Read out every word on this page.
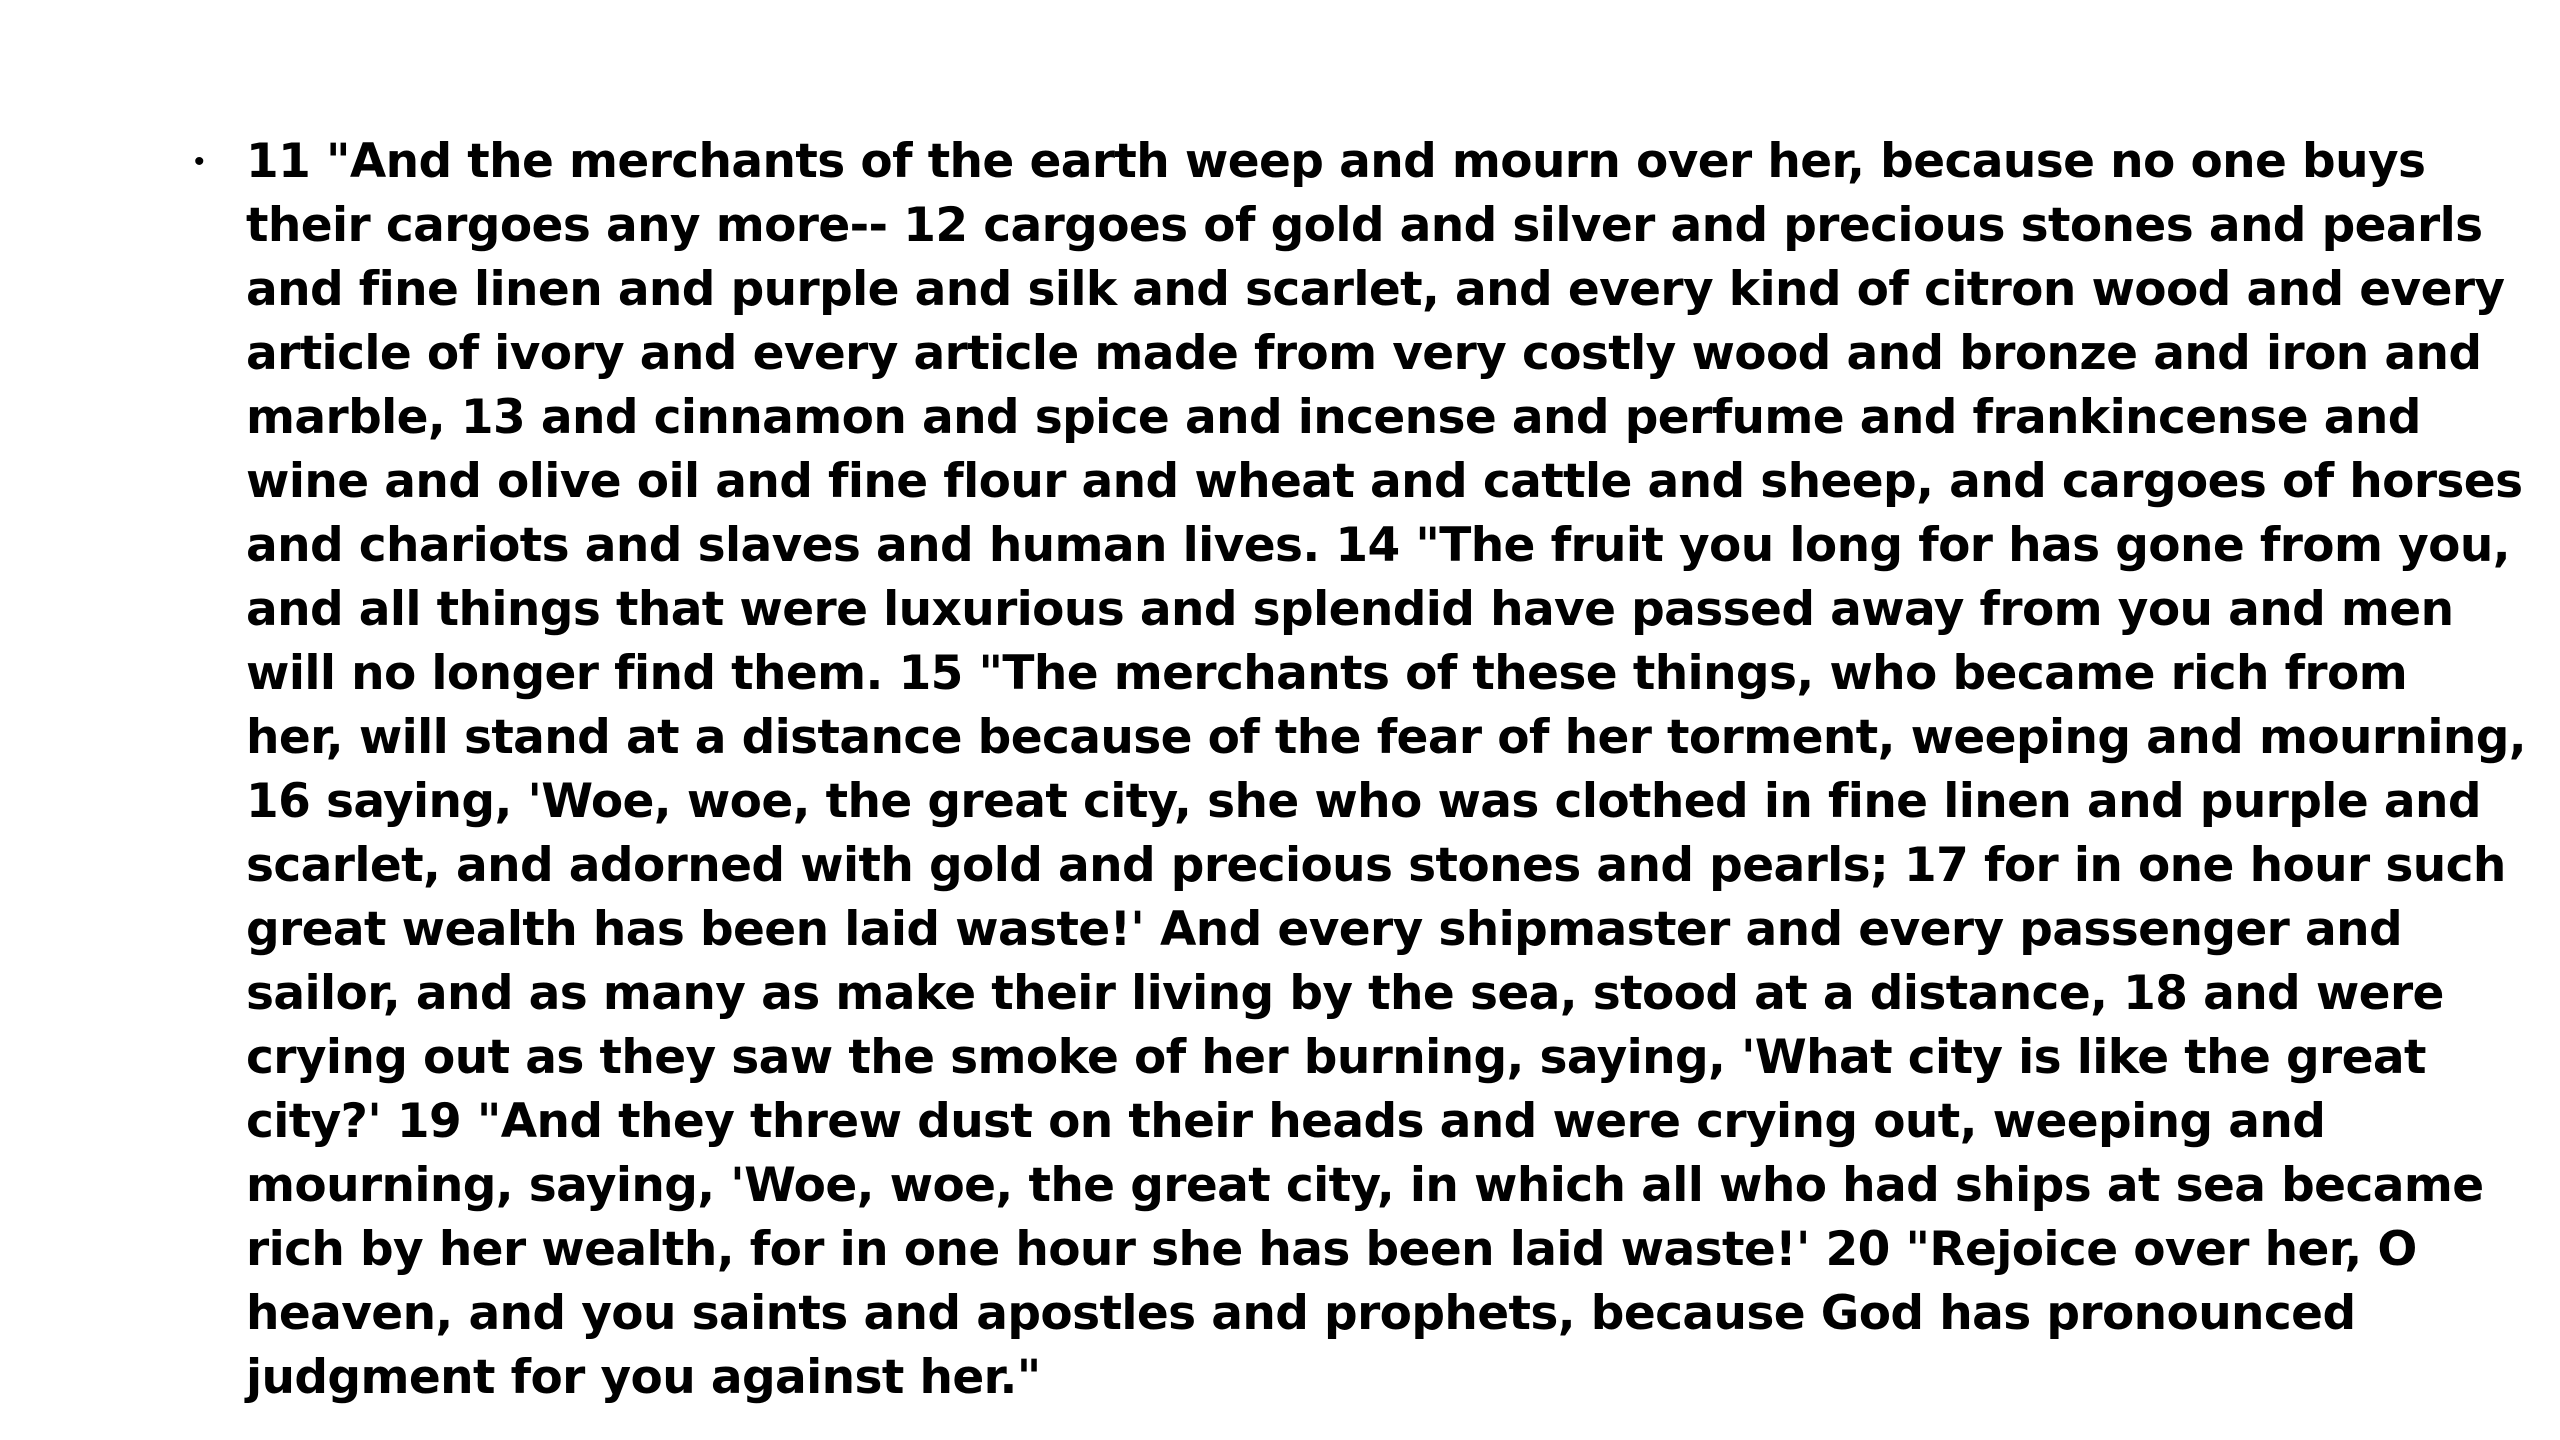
• 11 "And the merchants of the earth weep and mourn over her, because no one buys
their cargoes any more-- 12 cargoes of gold and silver and precious stones and pearls
and fine linen and purple and silk and scarlet, and every kind of citron wood and every
article of ivory and every article made from very costly wood and bronze and iron and
marble, 13 and cinnamon and spice and incense and perfume and frankincense and
wine and olive oil and fine flour and wheat and cattle and sheep, and cargoes of horses
and chariots and slaves and human lives. 14 "The fruit you long for has gone from you,
and all things that were luxurious and splendid have passed away from you and men
will no longer find them. 15 "The merchants of these things, who became rich from
her, will stand at a distance because of the fear of her torment, weeping and mourning,
16 saying, 'Woe, woe, the great city, she who was clothed in fine linen and purple and
scarlet, and adorned with gold and precious stones and pearls; 17 for in one hour such
great wealth has been laid waste!' And every shipmaster and every passenger and
sailor, and as many as make their living by the sea, stood at a distance, 18 and were
crying out as they saw the smoke of her burning, saying, 'What city is like the great
city?' 19 "And they threw dust on their heads and were crying out, weeping and
mourning, saying, 'Woe, woe, the great city, in which all who had ships at sea became
rich by her wealth, for in one hour she has been laid waste!' 20 "Rejoice over her, O
heaven, and you saints and apostles and prophets, because God has pronounced
judgment for you against her."
